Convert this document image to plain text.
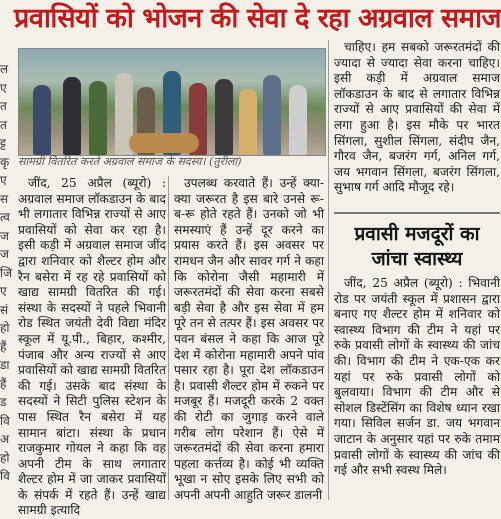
प्रवासियों को भोजन की सेवा दे रहा अग्रवाल समाज
ल
ए
त
त
ट्ट
कृ
ए
स
त्व
ज
ज
जि
ए
सं
हो
हैं
डा
हैं
ड
वि
अ
हो
वि
सामग्री वितरित करते अग्रवाल समाज के सदस्य। (तुरीला)

जींद, 25 अप्रैल (ब्यूरो) : अग्रवाल समाज लॉकडाउन के बाद भी लगातार विभिन्न राज्यों से आए प्रवासियों को सेवा कर रहा है। इसी कड़ी में अग्रवाल समाज जींद द्वारा शनिवार को शैल्टर होम और रैन बसेरा में रह रहे प्रवासियों को खाद्य सामग्री वितरित की गई। संस्था के सदस्यों ने पहले भिवानी रोड स्थित जयंती देवी विद्या मंदिर स्कूल में यू.पी., बिहार, कश्मीर, पंजाब और अन्य राज्यों से आए प्रवासियों को खाद्य सामग्री वितरित की गई। उसके बाद संस्था के सदस्यों ने सिटी पुलिस स्टेशन के पास स्थित रैन बसेरा में यह सामान बांटा। संस्था के प्रधान राजकुमार गोयल ने कहा कि वह अपनी टीम के साथ लगातार शैल्टर होम में जा जाकर प्रवासियों के संपर्क में रहते हैं। उन्हें खाद्य सामग्री इत्यादि

उपलब्ध करवाते हैं। उन्हें क्या-क्या जरूरत है इस बारे उनसे रू-ब-रू होते रहते हैं। उनको जो भी समस्याएं हैं उन्हें दूर करने का प्रयास करते हैं। इस अवसर पर रामधन जैन और सावर गर्ग ने कहा कि कोरोना जैसी महामारी में जरूरतमंदों की सेवा करना सबसे बड़ी सेवा है और इस सेवा में हम पूरे तन से तत्पर हैं। इस अवसर पर पवन बंसल ने कहा कि आज पूरे देश में कोरोना महामारी अपने पांव पसार रहा है। पूरा देश लॉकडाउन है। प्रवासी शैल्टर होम में रुकने पर मजबूर हैं। मजदूरी करके 2 वक्त की रोटी का जुगाड़ करने वाले गरीब लोग परेशान हैं। ऐसे में जरूरतमंदों की सेवा करना हमारा पहला कर्त्तव्य है। कोई भी व्यक्ति भूखा न सोए इसके लिए सभी को अपनी अपनी आहुति जरूर डालनी

चाहिए। हम सबको जरूरतमंदों की ज्यादा से ज्यादा सेवा करना चाहिए। इसी कड़ी में अग्रवाल समाज लॉकडाउन के बाद से लगातार विभिन्न राज्यों से आए प्रवासियों की सेवा में लगा हुआ है। इस मौके पर भारत सिंगला, सुशील सिंगला, संदीप जैन, गौरव जैन, बजरंग गर्ग, अनिल गर्ग, जय भगवान सिंगला, बजरंग सिंगला, सुभाष गर्ग आदि मौजूद रहे।

प्रवासी मजदूरों का जांचा स्वास्थ्य

जींद, 25 अप्रैल (ब्यूरो) : भिवानी रोड पर जयंती स्कूल में प्रशासन द्वारा बनाए गए शैल्टर होम में शनिवार को स्वास्थ्य विभाग की टीम ने यहां पर रुके प्रवासी लोगों के स्वास्थ्य की जांच की। विभाग की टीम ने एक-एक कर यहां पर रुके प्रवासी लोगों को बुलवाया। विभाग की टीम और से सोशल डिस्टेंसिंग का विशेष ध्यान रखा गया। सिविल सर्जन डा. जय भगवान जाटान के अनुसार यहां पर रुके तमाम प्रवासी लोगों के स्वास्थ्य की जांच की गई और सभी स्वस्थ मिले।
